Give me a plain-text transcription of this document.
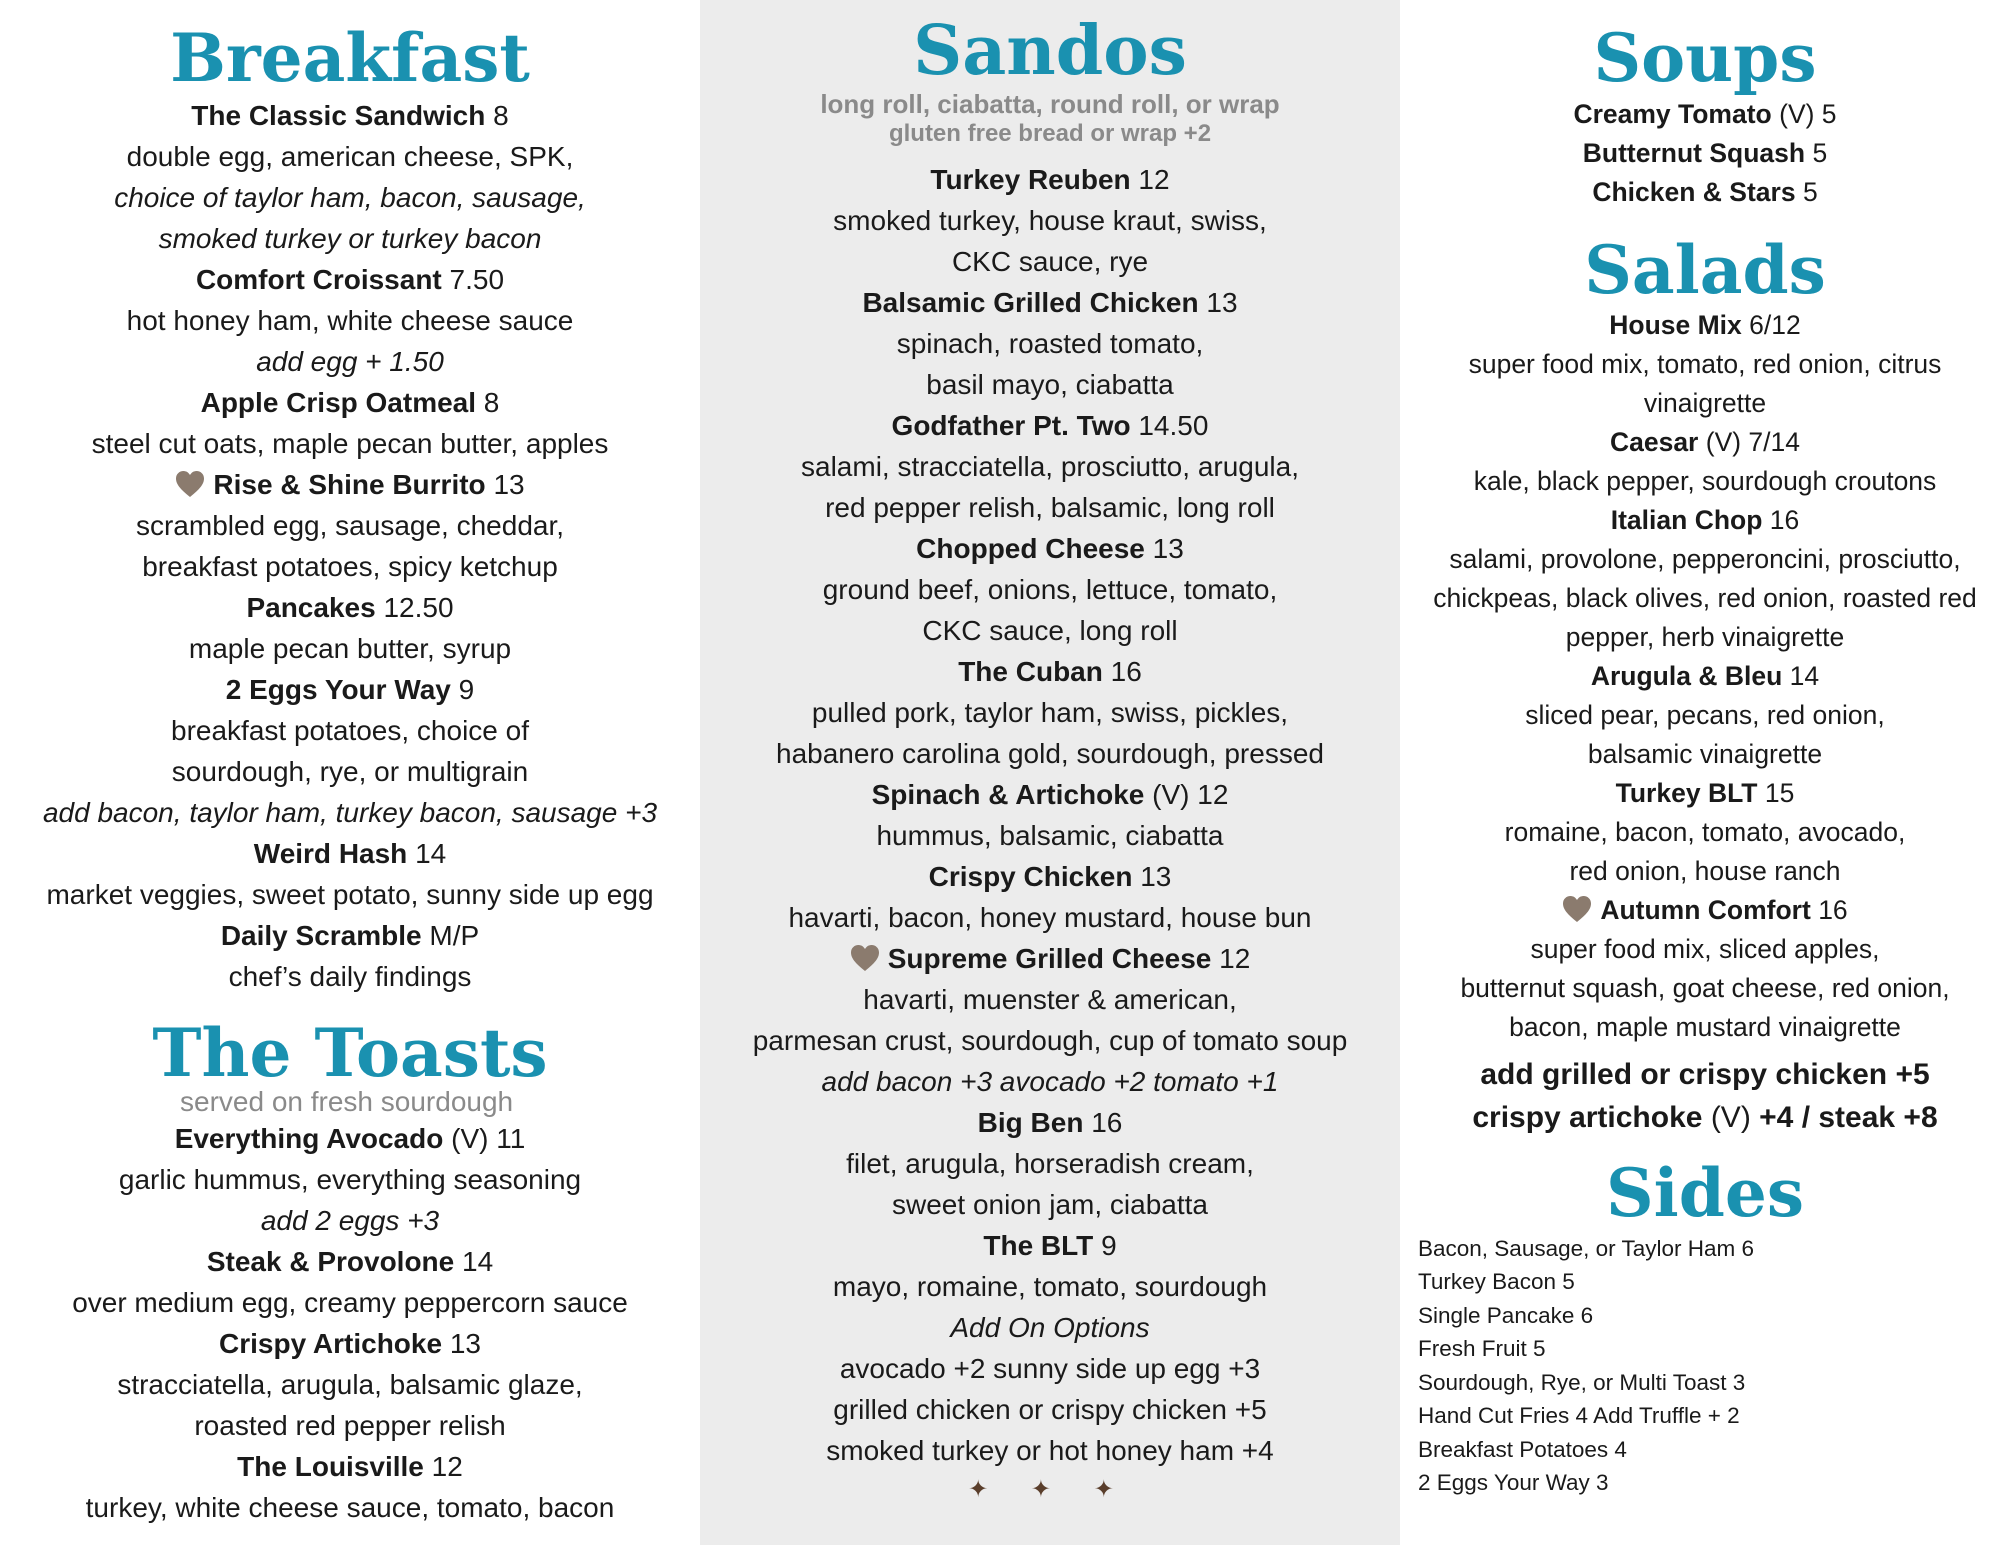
Breakfast
The Classic Sandwich 8
double egg, american cheese, SPK,
choice of taylor ham, bacon, sausage,
smoked turkey or turkey bacon
Comfort Croissant 7.50
hot honey ham, white cheese sauce
add egg + 1.50
Apple Crisp Oatmeal 8
steel cut oats, maple pecan butter, apples
Rise & Shine Burrito 13
scrambled egg, sausage, cheddar,
breakfast potatoes, spicy ketchup
Pancakes 12.50
maple pecan butter, syrup
2 Eggs Your Way 9
breakfast potatoes, choice of
sourdough, rye, or multigrain
add bacon, taylor ham, turkey bacon, sausage +3
Weird Hash 14
market veggies, sweet potato, sunny side up egg
Daily Scramble M/P
chef’s daily findings
The Toasts
served on fresh sourdough
Everything Avocado (V) 11
garlic hummus, everything seasoning
add 2 eggs +3
Steak & Provolone 14
over medium egg, creamy peppercorn sauce
Crispy Artichoke 13
stracciatella, arugula, balsamic glaze,
roasted red pepper relish
The Louisville 12
turkey, white cheese sauce, tomato, bacon
Sandos
long roll, ciabatta, round roll, or wrap
gluten free bread or wrap +2
Turkey Reuben 12
smoked turkey, house kraut, swiss,
CKC sauce, rye
Balsamic Grilled Chicken 13
spinach, roasted tomato,
basil mayo, ciabatta
Godfather Pt. Two 14.50
salami, stracciatella, prosciutto, arugula,
red pepper relish, balsamic, long roll
Chopped Cheese 13
ground beef, onions, lettuce, tomato,
CKC sauce, long roll
The Cuban 16
pulled pork, taylor ham, swiss, pickles,
habanero carolina gold, sourdough, pressed
Spinach & Artichoke (V) 12
hummus, balsamic, ciabatta
Crispy Chicken 13
havarti, bacon, honey mustard, house bun
Supreme Grilled Cheese 12
havarti, muenster & american,
parmesan crust, sourdough, cup of tomato soup
add bacon +3 avocado +2 tomato +1
Big Ben 16
filet, arugula, horseradish cream,
sweet onion jam, ciabatta
The BLT 9
mayo, romaine, tomato, sourdough
Add On Options
avocado +2 sunny side up egg +3
grilled chicken or crispy chicken +5
smoked turkey or hot honey ham +4
✦ ✦ ✦
Soups
Creamy Tomato (V) 5
Butternut Squash 5
Chicken & Stars 5
Salads
House Mix 6/12
super food mix, tomato, red onion, citrus
vinaigrette
Caesar (V) 7/14
kale, black pepper, sourdough croutons
Italian Chop 16
salami, provolone, pepperoncini, prosciutto,
chickpeas, black olives, red onion, roasted red
pepper, herb vinaigrette
Arugula & Bleu 14
sliced pear, pecans, red onion,
balsamic vinaigrette
Turkey BLT 15
romaine, bacon, tomato, avocado,
red onion, house ranch
Autumn Comfort 16
super food mix, sliced apples,
butternut squash, goat cheese, red onion,
bacon, maple mustard vinaigrette
add grilled or crispy chicken +5
crispy artichoke (V) +4 / steak +8
Sides
Bacon, Sausage, or Taylor Ham 6
Turkey Bacon 5
Single Pancake 6
Fresh Fruit 5
Sourdough, Rye, or Multi Toast 3
Hand Cut Fries 4 Add Truffle + 2
Breakfast Potatoes 4
2 Eggs Your Way 3
